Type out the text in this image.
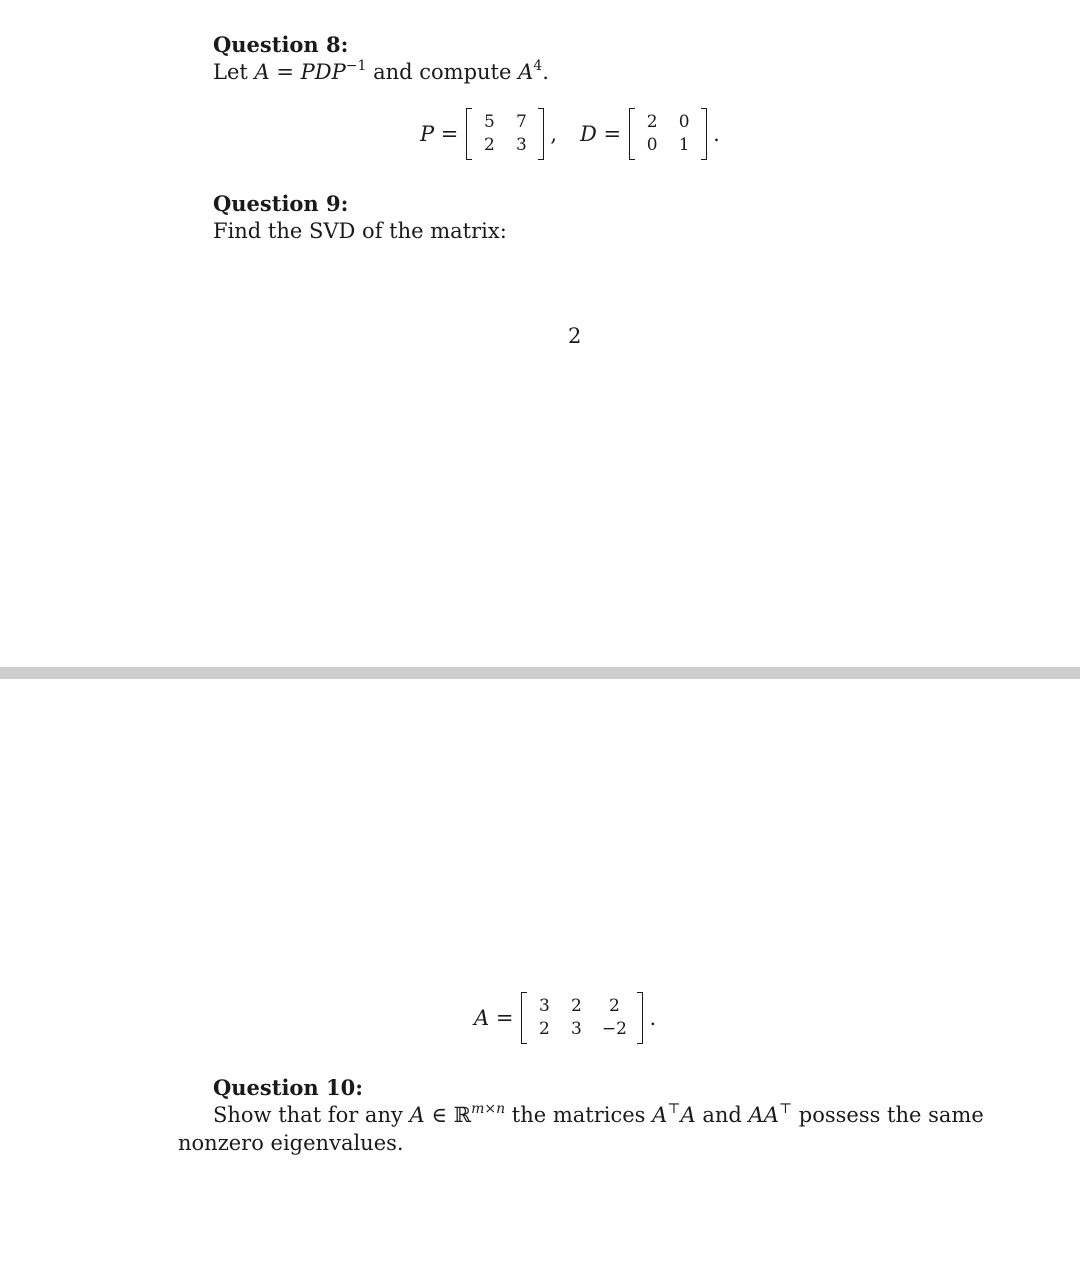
Question 8:
Let $A = PDP^{-1}$ and compute $A^4$.
P = 5 7
2 3 , D = 2 0
0 1 .
Question 9:
Find the SVD of the matrix:
2
A = 3 2	2
2 3 −2 .
Question 10:
Show that for any A ∈ ℝ$^{m\times n}$ the matrices A⊤A and AA⊤ possess the same
nonzero eigenvalues.
